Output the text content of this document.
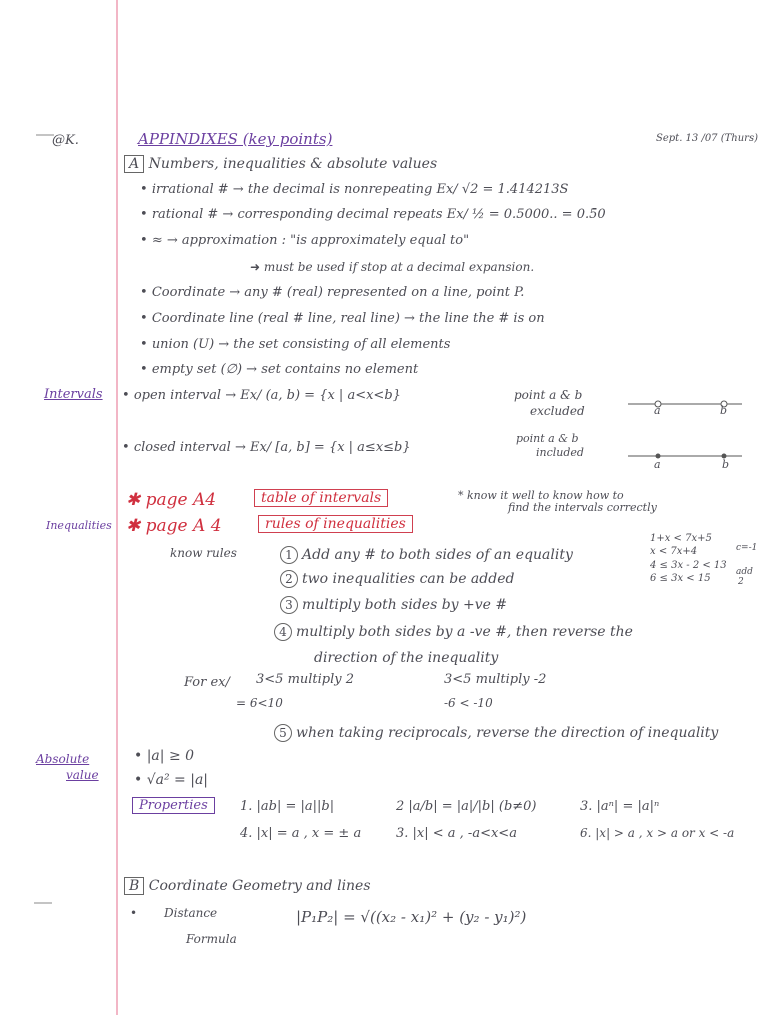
@K.	APPINDIXES (key points)	Sept. 13 /07 (Thurs)
A Numbers, inequalities & absolute values
• irrational # → the decimal is nonrepeating Ex/ √2 = 1.414213S
• rational # → corresponding decimal repeats Ex/ ½ = 0.5000.. = 0.5̄0
• ≈ → approximation : "is approximately equal to"
➜ must be used if stop at a decimal expansion.
• Coordinate → any # (real) represented on a line, point P.
• Coordinate line (real # line, real line) → the line the # is on
• union (U) → the set consisting of all elements
• empty set (∅) → set contains no element
Intervals • open interval → Ex/ (a, b) = {x | a<x<b}	point a & b
excluded	a	b
• closed interval → Ex/ [a, b] = {x | a≤x≤b}
point a & b
included
a	b
✱ page A4	table of intervals	* know it well to know how to
find the intervals correctly
Inequalities ✱ page A 4	rules of inequalities
know rules	1 Add any # to both sides of an equality
2 two inequalities can be added
3 multiply both sides by +ve #
4 multiply both sides by a -ve #, then reverse the
direction of the inequality
1+x < 7x+5
x < 7x+4
4 ≤ 3x - 2 < 13
6 ≤ 3x < 15
c=-1
add
2
For ex/ 3<5 multiply 2
= 6<10
3<5 multiply -2
-6 < -10
5 when taking reciprocals, reverse the direction of inequality
Absolute
value
• |a| ≥ 0
• √a² = |a|
Properties	1. |ab| = |a||b|	2 |a/b| = |a|/|b| (b≠0)	3. |aⁿ| = |a|ⁿ
4. |x| = a , x = ± a	3. |x| < a , -a<x<a	6. |x| > a , x > a or x < -a
B Coordinate Geometry and lines
• Distance
Formula
|P₁P₂| = √((x₂ - x₁)² + (y₂ - y₁)²)
